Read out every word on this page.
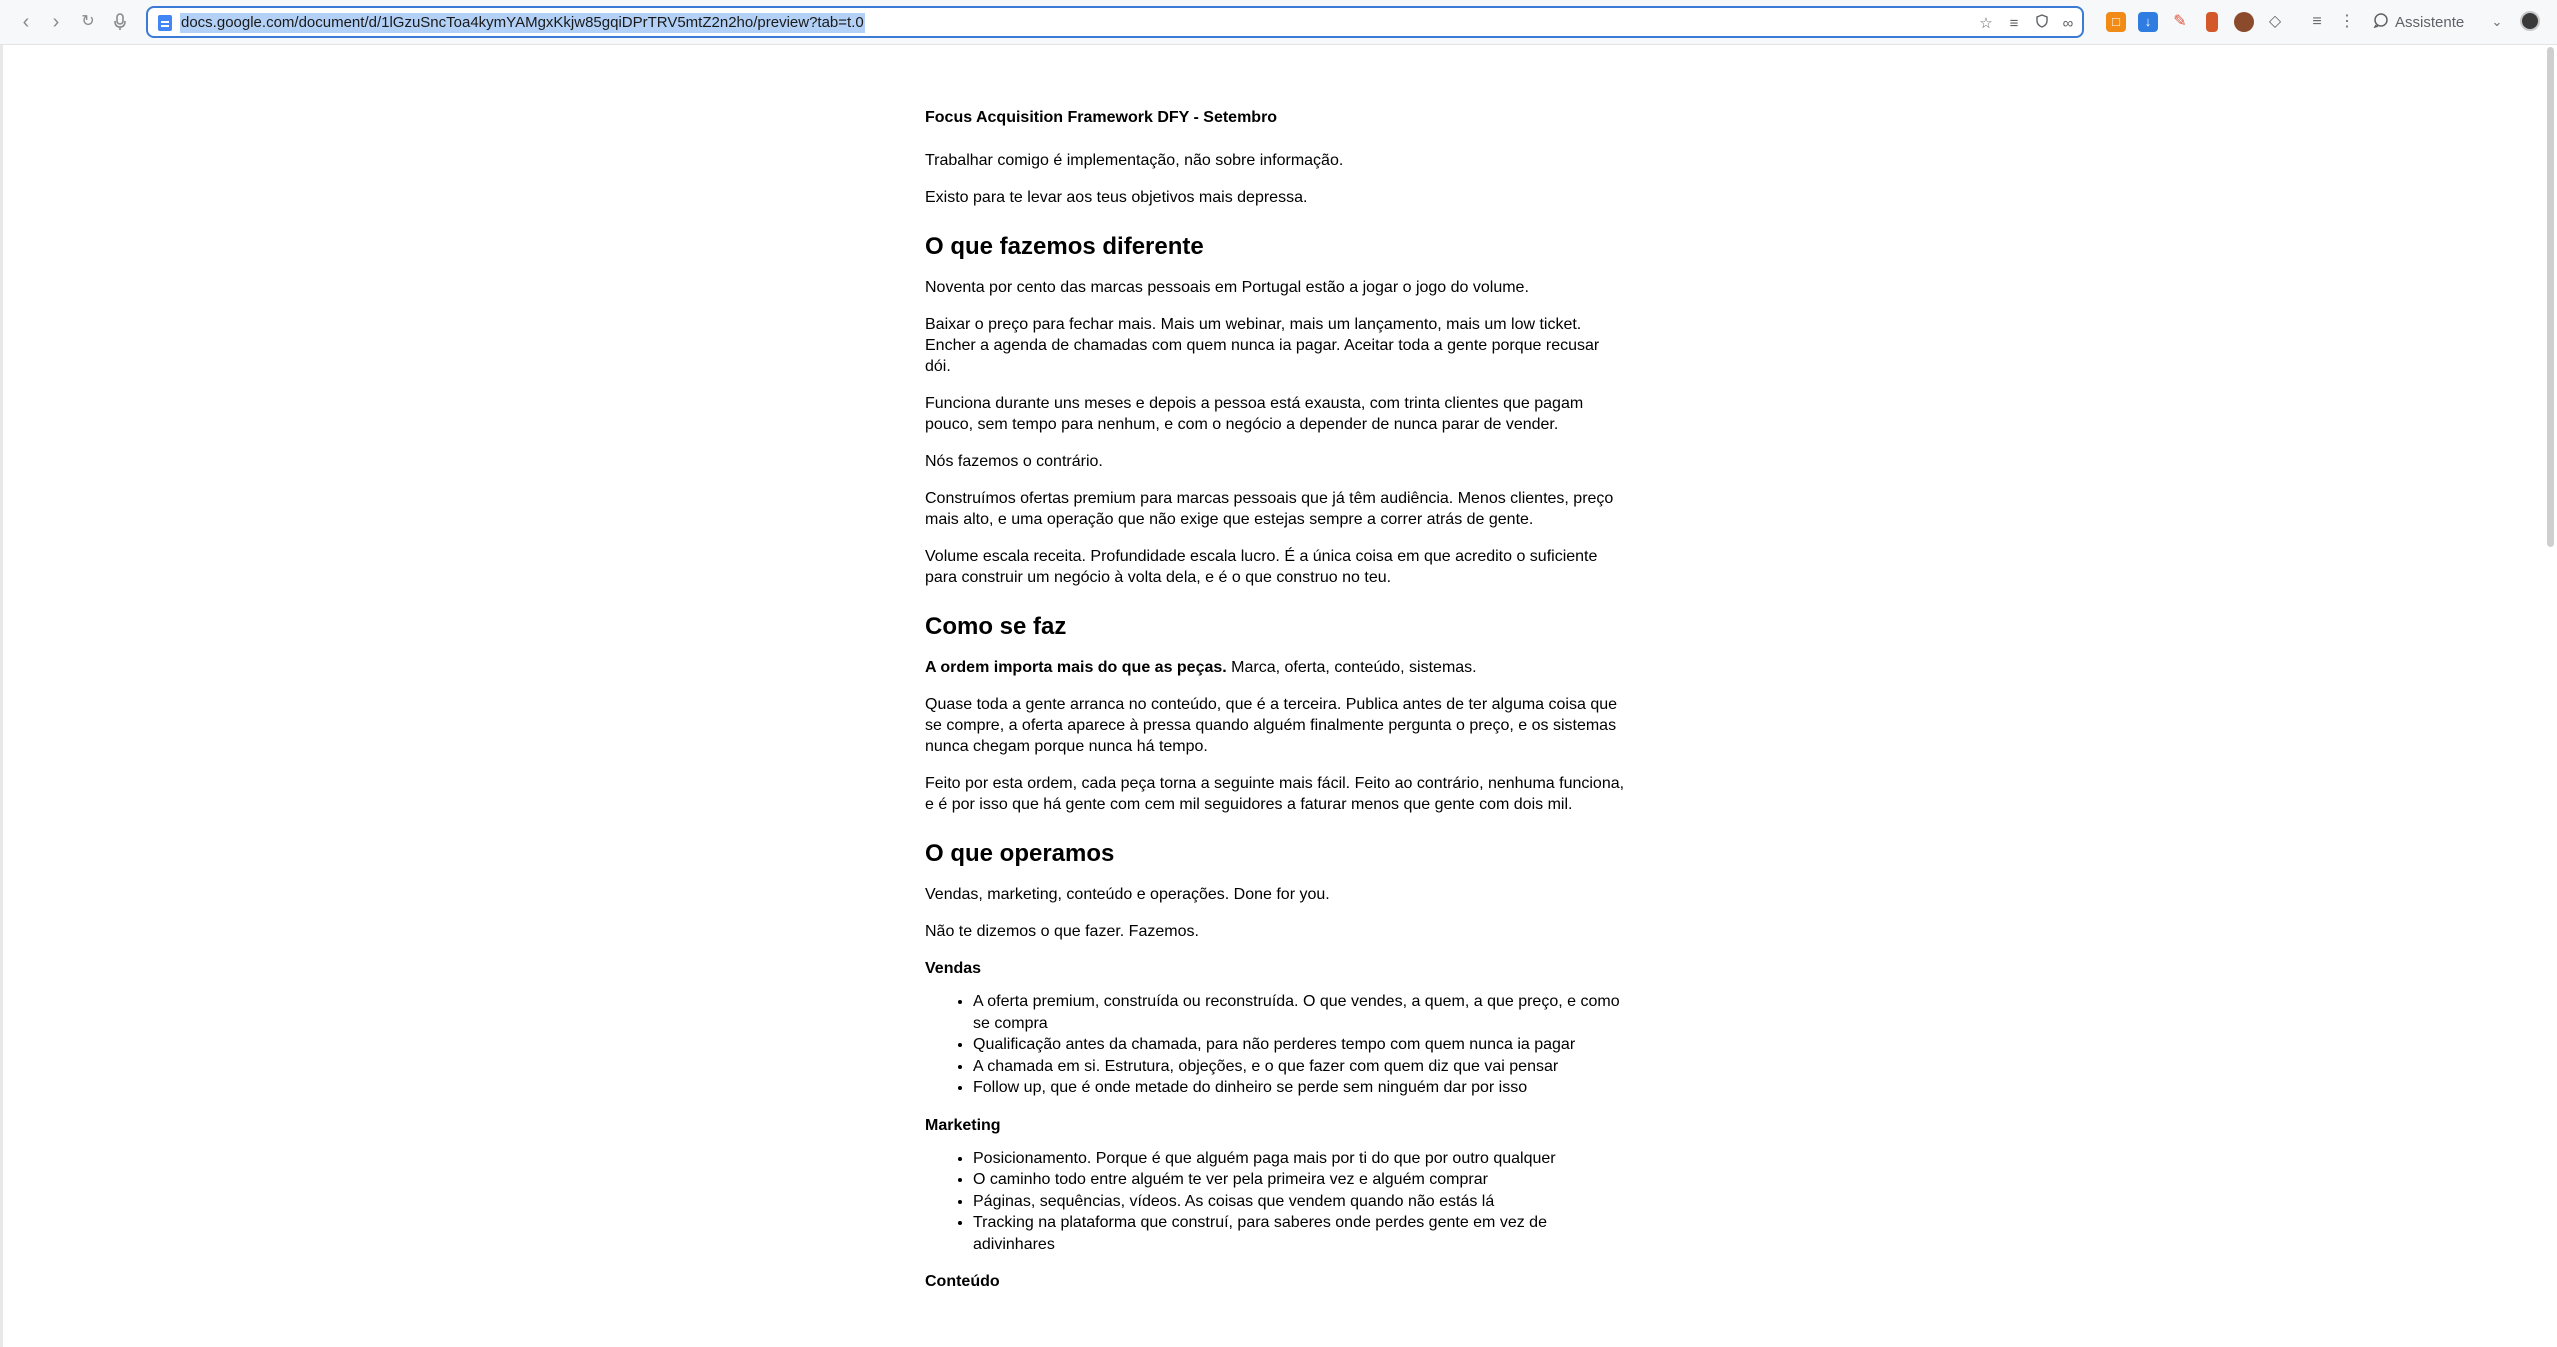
‹	›	↻	docs.google.com/document/d/1lGzuSncToa4kymYAMgxKkjw85gqiDPrTRV5mtZ2n2ho/preview?tab=t.0	☆	≡	∞	□	↓	✎	◇	≡	⋮	Assistente	⌄

Focus Acquisition Framework DFY - Setembro

Trabalhar comigo é implementação, não sobre informação.

Existo para te levar aos teus objetivos mais depressa.

O que fazemos diferente

Noventa por cento das marcas pessoais em Portugal estão a jogar o jogo do volume.

Baixar o preço para fechar mais. Mais um webinar, mais um lançamento, mais um low ticket. Encher a agenda de chamadas com quem nunca ia pagar. Aceitar toda a gente porque recusar dói.

Funciona durante uns meses e depois a pessoa está exausta, com trinta clientes que pagam pouco, sem tempo para nenhum, e com o negócio a depender de nunca parar de vender.

Nós fazemos o contrário.

Construímos ofertas premium para marcas pessoais que já têm audiência. Menos clientes, preço mais alto, e uma operação que não exige que estejas sempre a correr atrás de gente.

Volume escala receita. Profundidade escala lucro. É a única coisa em que acredito o suficiente para construir um negócio à volta dela, e é o que construo no teu.

Como se faz

A ordem importa mais do que as peças. Marca, oferta, conteúdo, sistemas.

Quase toda a gente arranca no conteúdo, que é a terceira. Publica antes de ter alguma coisa que se compre, a oferta aparece à pressa quando alguém finalmente pergunta o preço, e os sistemas nunca chegam porque nunca há tempo.

Feito por esta ordem, cada peça torna a seguinte mais fácil. Feito ao contrário, nenhuma funciona, e é por isso que há gente com cem mil seguidores a faturar menos que gente com dois mil.

O que operamos

Vendas, marketing, conteúdo e operações. Done for you.

Não te dizemos o que fazer. Fazemos.

Vendas
• A oferta premium, construída ou reconstruída. O que vendes, a quem, a que preço, e como se compra
• Qualificação antes da chamada, para não perderes tempo com quem nunca ia pagar
• A chamada em si. Estrutura, objeções, e o que fazer com quem diz que vai pensar
• Follow up, que é onde metade do dinheiro se perde sem ninguém dar por isso
Marketing
• Posicionamento. Porque é que alguém paga mais por ti do que por outro qualquer
• O caminho todo entre alguém te ver pela primeira vez e alguém comprar
• Páginas, sequências, vídeos. As coisas que vendem quando não estás lá
• Tracking na plataforma que construí, para saberes onde perdes gente em vez de adivinhares
Conteúdo
